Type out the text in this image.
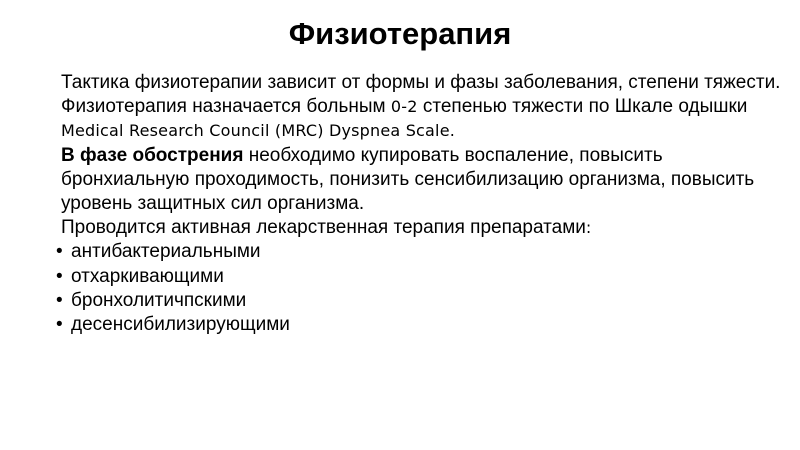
Физиотерапия

Тактика физиотерапии зависит от формы и фазы заболевания, степени тяжести.

Физиотерапия назначается больным 0-2 степенью тяжести по Шкале одышки Medical Research Council (MRC) Dyspnea Scale.

В фазе обострения необходимо купировать воспаление, повысить бронхиальную проходимость, понизить сенсибилизацию организма, повысить уровень защитных сил организма.

Проводится активная лекарственная терапия препаратами:

• антибактериальными
• отхаркивающими
• бронхолитичпскими
• десенсибилизирующими
